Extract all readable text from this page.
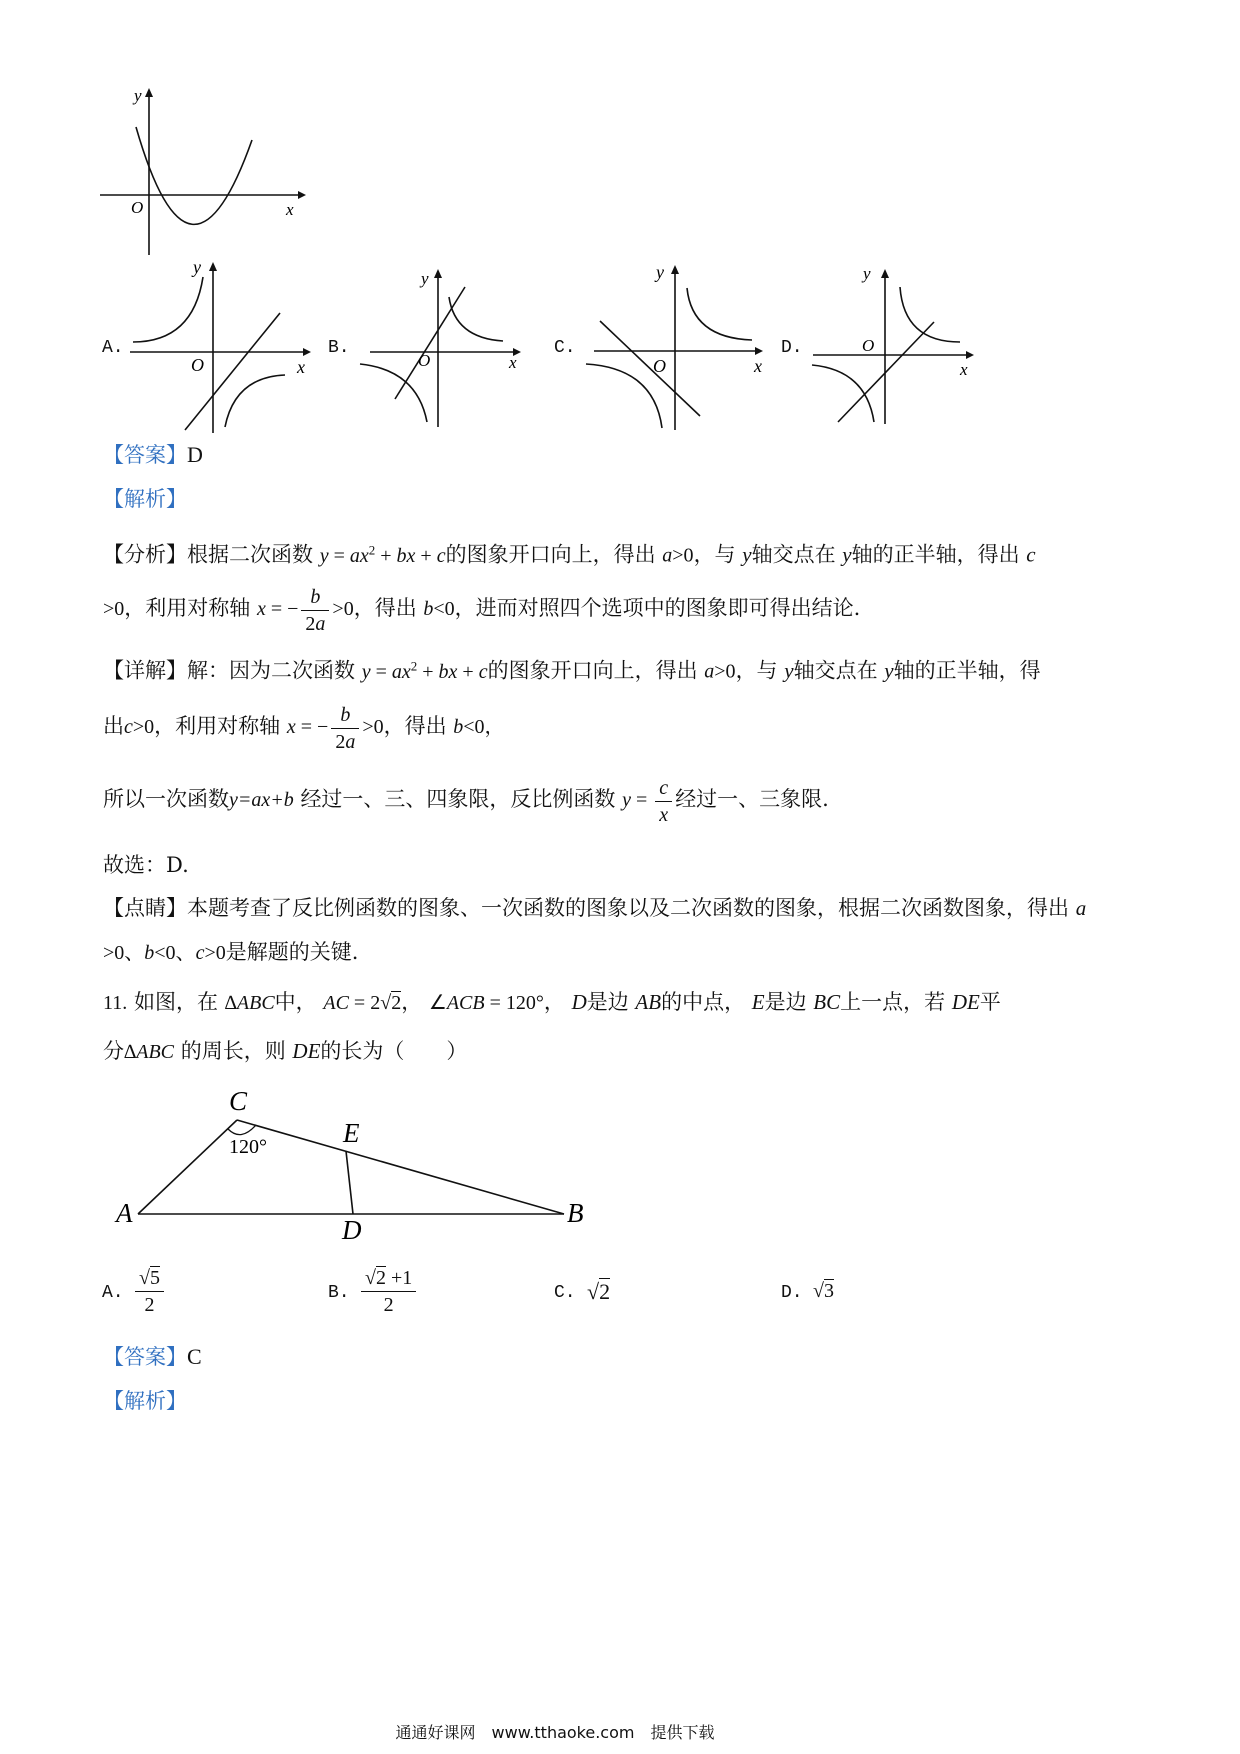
y
x
O
A.
y
x
O
B.
y
x
O
C.
y
x
O
D.
y
x
O
【答案】D
【解析】
【分析】根据二次函数 $y = ax^2$ + bx + c的图象开口向上，得出 a>0，与 y轴交点在 y轴的正半轴，得出 c
>0，利用对称轴 x = − $\frac{b}{2a} >0$，得出 b<0，进而对照四个选项中的图象即可得出结论.
【详解】解：因为二次函数 $y = ax^2$ + bx + c的图象开口向上，得出 a>0，与 y轴交点在 y轴的正半轴，得
出c>0，利用对称轴 x = − $\frac{b}{2a} >0$，得出 b<0，
所以一次函数y=ax+b 经过一、三、四象限，反比例函数 $y = \frac{c}{x}$ 经过一、三象限.
故选：D.
【点睛】本题考查了反比例函数的图象、一次函数的图象以及二次函数的图象，根据二次函数图象，得出 a
>0、b<0、c>0是解题的关键.
11. 如图，在 ∆ABC中， AC = 2√2， ∠ACB = 120°， D是边 AB的中点， E是边 BC上一点，若 DE平
分∆ABC 的周长，则 DE的长为（　　）
C
A	B
D
E
120°
A. $\frac{√5}{2}$	B. $\frac{√2 +1}{2}$	C. √2	D. √3
【答案】C
【解析】
通通好课网　www.tthaoke.com　提供下载
